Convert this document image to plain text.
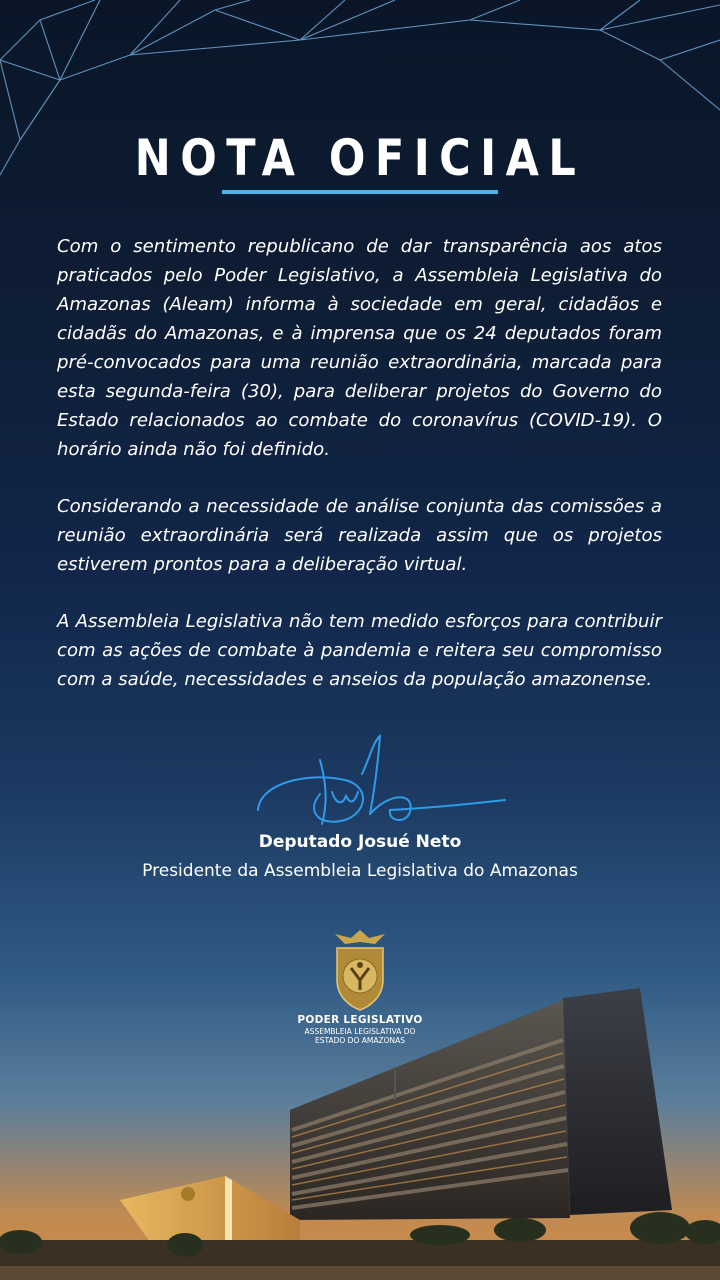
NOTA OFICIAL

Com o sentimento republicano de dar transparência aos atos praticados pelo Poder Legislativo, a Assembleia Legislativa do Amazonas (Aleam) informa à sociedade em geral, cidadãos e cidadãs do Amazonas, e à imprensa que os 24 deputados foram pré-convocados para uma reunião extraordinária, marcada para esta segunda-feira (30), para deliberar projetos do Governo do Estado relacionados ao combate do coronavírus (COVID-19). O horário ainda não foi definido.

Considerando a necessidade de análise conjunta das comissões a reunião extraordinária será realizada assim que os projetos estiverem prontos para a deliberação virtual.

A Assembleia Legislativa não tem medido esforços para contribuir com as ações de combate à pandemia e reitera seu compromisso com a saúde, necessidades e anseios da população amazonense.

Deputado Josué Neto
Presidente da Assembleia Legislativa do Amazonas
PODER LEGISLATIVO
ASSEMBLEIA LEGISLATIVA DO
ESTADO DO AMAZONAS
